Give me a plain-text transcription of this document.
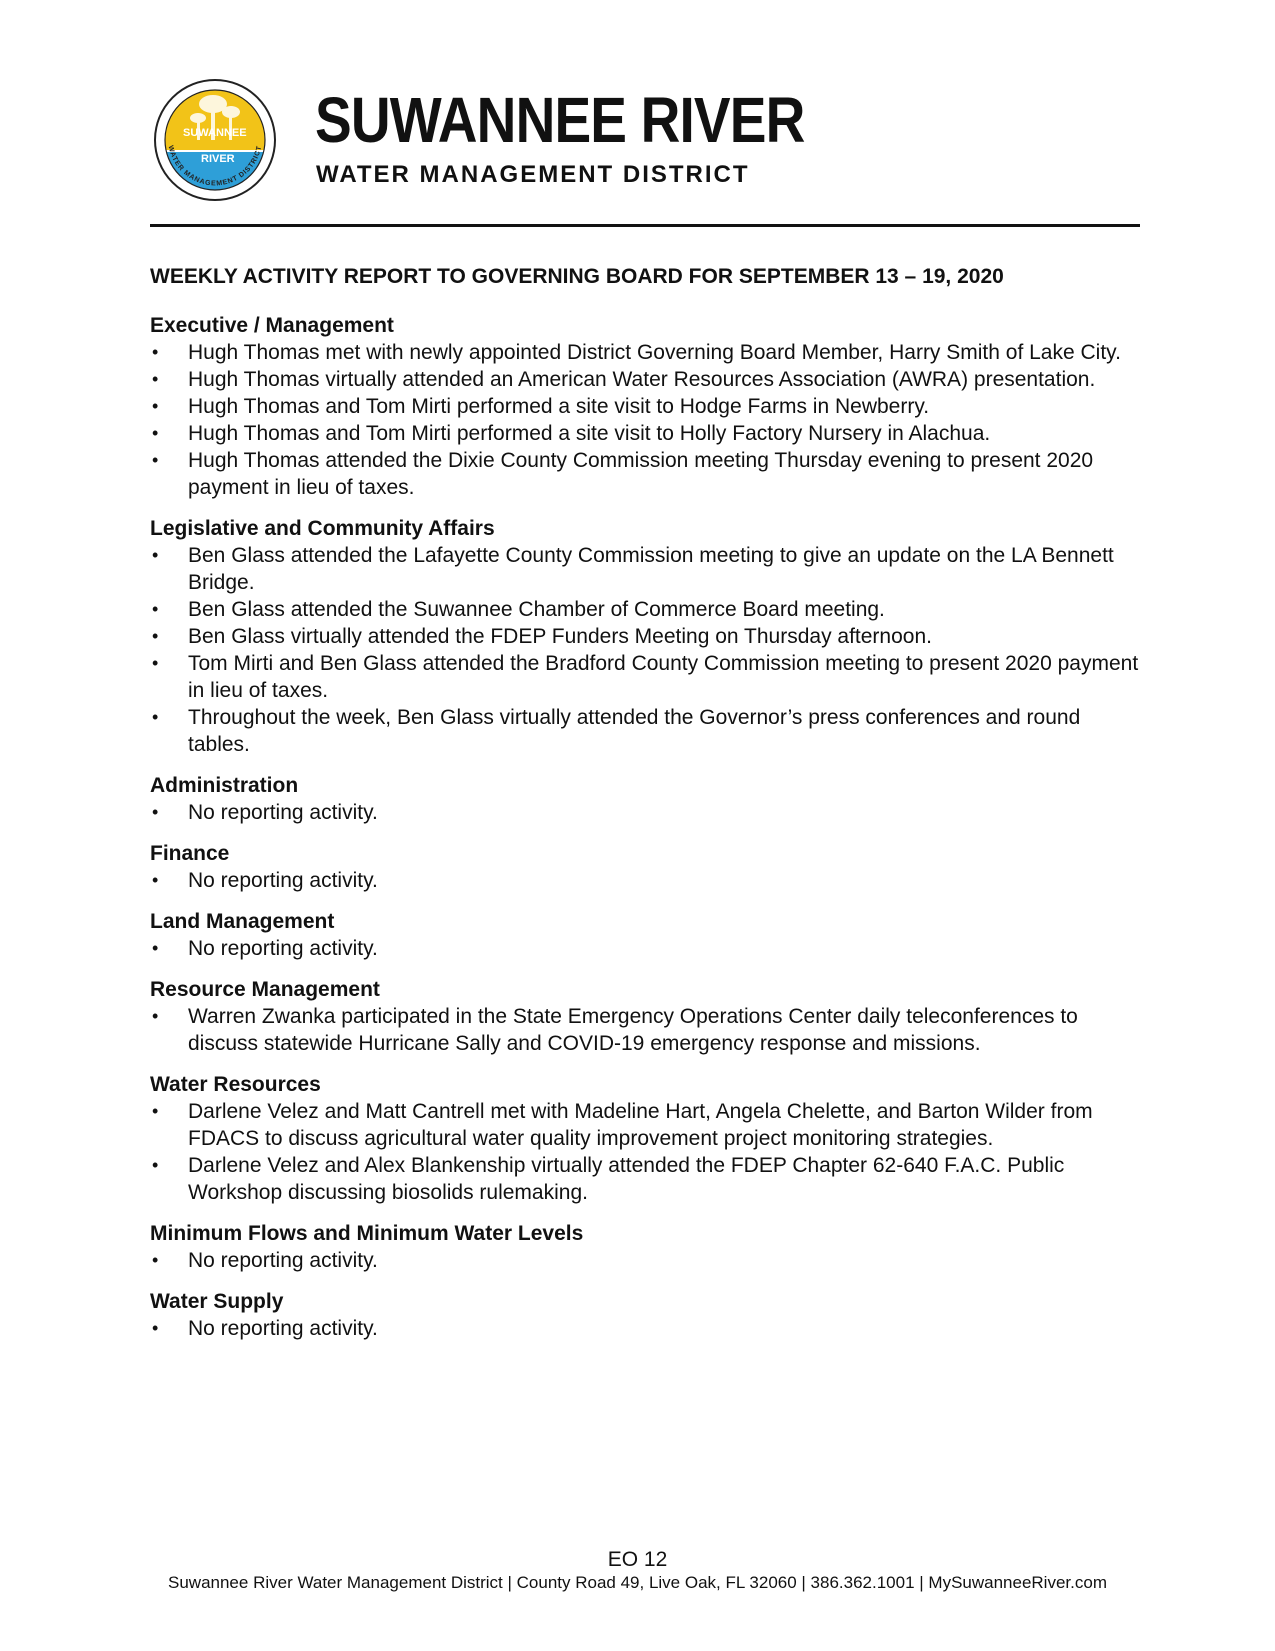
SUWANNEE
RIVER
WATER MANAGEMENT DISTRICT SUWANNEE RIVER
WATER MANAGEMENT DISTRICT
WEEKLY ACTIVITY REPORT TO GOVERNING BOARD FOR SEPTEMBER 13 – 19, 2020
Executive / Management
•	Hugh Thomas met with newly appointed District Governing Board Member, Harry Smith of Lake City.
•	Hugh Thomas virtually attended an American Water Resources Association (AWRA) presentation.
•	Hugh Thomas and Tom Mirti performed a site visit to Hodge Farms in Newberry.
•	Hugh Thomas and Tom Mirti performed a site visit to Holly Factory Nursery in Alachua.
•	Hugh Thomas attended the Dixie County Commission meeting Thursday evening to present 2020 payment in lieu of taxes.
Legislative and Community Affairs
•	Ben Glass attended the Lafayette County Commission meeting to give an update on the LA Bennett Bridge.
•	Ben Glass attended the Suwannee Chamber of Commerce Board meeting.
•	Ben Glass virtually attended the FDEP Funders Meeting on Thursday afternoon.
•	Tom Mirti and Ben Glass attended the Bradford County Commission meeting to present 2020 payment in lieu of taxes.
•	Throughout the week, Ben Glass virtually attended the Governor’s press conferences and round tables.
Administration
•	No reporting activity.
Finance
•	No reporting activity.
Land Management
•	No reporting activity.
Resource Management
•	Warren Zwanka participated in the State Emergency Operations Center daily teleconferences to discuss statewide Hurricane Sally and COVID-19 emergency response and missions.
Water Resources
•	Darlene Velez and Matt Cantrell met with Madeline Hart, Angela Chelette, and Barton Wilder from FDACS to discuss agricultural water quality improvement project monitoring strategies.
•	Darlene Velez and Alex Blankenship virtually attended the FDEP Chapter 62-640 F.A.C. Public Workshop discussing biosolids rulemaking.
Minimum Flows and Minimum Water Levels
•	No reporting activity.
Water Supply
•	No reporting activity.
EO 12
Suwannee River Water Management District | County Road 49, Live Oak, FL 32060 | 386.362.1001 | MySuwanneeRiver.com
